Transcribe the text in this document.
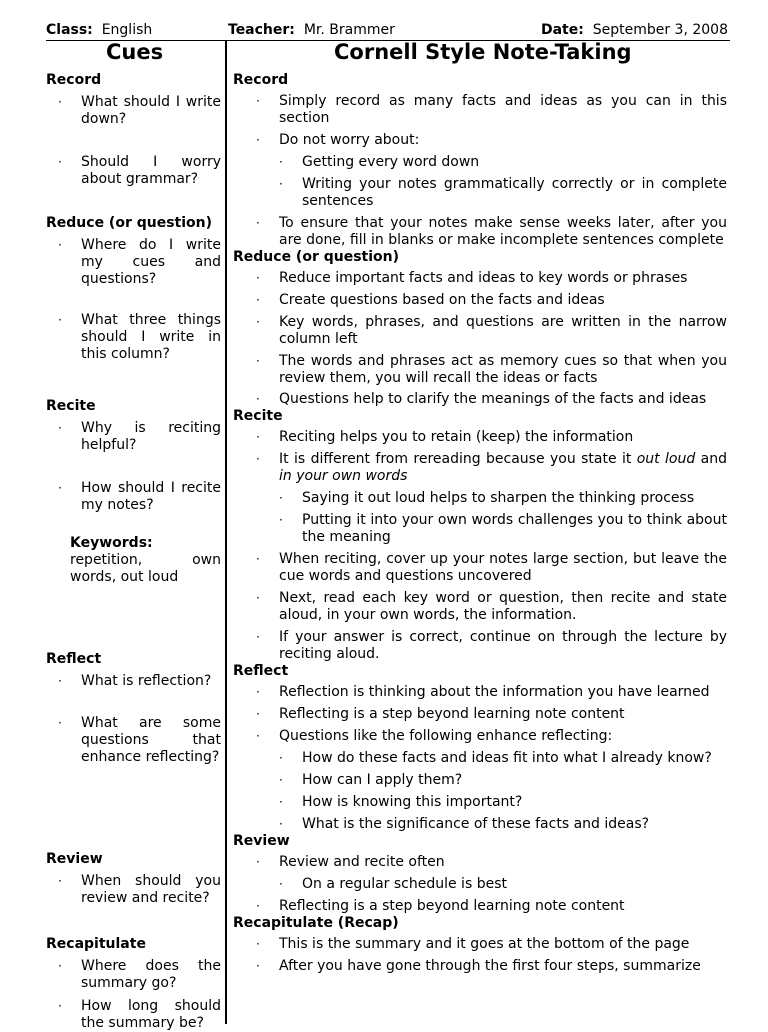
Class: English	Teacher: Mr. Brammer	Date: September 3, 2008
Cues	Cornell Style Note-Taking
Record
· What should I write down?
· Should I worry about grammar?
Reduce (or question)
· Where do I write my cues and questions?
· What three things should I write in this column?
Recite
· Why is reciting helpful?
· How should I recite my notes?
Keywords:
repetition, own words, out loud
Reflect
· What is reflection?
· What are some questions that enhance reflecting?
Review
· When should you review and recite?
Recapitulate
· Where does the summary go?
· How long should the summary be?
Record
· Simply record as many facts and ideas as you can in this section
· Do not worry about:
· Getting every word down
· Writing your notes grammatically correctly or in complete sentences
· To ensure that your notes make sense weeks later, after you are done, fill in blanks or make incomplete sentences complete
Reduce (or question)
· Reduce important facts and ideas to key words or phrases
· Create questions based on the facts and ideas
· Key words, phrases, and questions are written in the narrow column left
· The words and phrases act as memory cues so that when you review them, you will recall the ideas or facts
· Questions help to clarify the meanings of the facts and ideas
Recite
· Reciting helps you to retain (keep) the information
· It is different from rereading because you state it out loud and in your own words
· Saying it out loud helps to sharpen the thinking process
· Putting it into your own words challenges you to think about the meaning
· When reciting, cover up your notes large section, but leave the cue words and questions uncovered
· Next, read each key word or question, then recite and state aloud, in your own words, the information.
· If your answer is correct, continue on through the lecture by reciting aloud.
Reflect
· Reflection is thinking about the information you have learned
· Reflecting is a step beyond learning note content
· Questions like the following enhance reflecting:
· How do these facts and ideas fit into what I already know?
· How can I apply them?
· How is knowing this important?
· What is the significance of these facts and ideas?
Review
· Review and recite often
· On a regular schedule is best
· Reflecting is a step beyond learning note content
Recapitulate (Recap)
· This is the summary and it goes at the bottom of the page
· After you have gone through the first four steps, summarize
